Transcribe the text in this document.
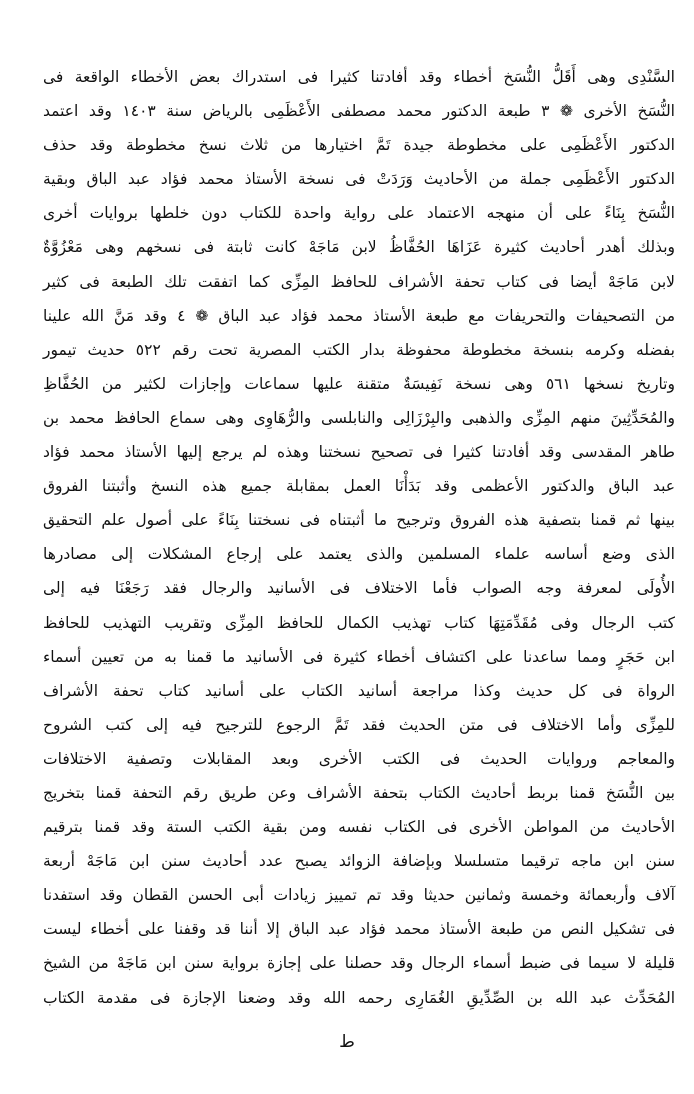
السَّنْدِى وهى أَقَلُّ النُّسَخ أخطاء وقد أفادتنا كثيرا فى استدراك بعض الأخطاء الواقعة فى
النُّسَخ الأخرى ❁ ٣ طبعة الدكتور محمد مصطفى الأَعْظَمِى بالرياض سنة ١٤٠٣ وقد اعتمد
الدكتور الأَعْظَمِى على مخطوطة جيدة تَمَّ اختيارها من ثلاث نسخ مخطوطة وقد حذف
الدكتور الأَعْظَمِى جملة من الأحاديث وَرَدَتْ فى نسخة الأستاذ محمد فؤاد عبد الباق وبقية
النُّسَخ بِنَاءً على أن منهجه الاعتماد على رواية واحدة للكتاب دون خلطها بروايات أخرى
وبذلك أهدر أحاديث كثيرة عَزَاهَا الحُفَّاظُ لابن مَاجَهْ كانت ثابتة فى نسخهم وهى مَعْزُوَّةٌ
لابن مَاجَهْ أيضا فى كتاب تحفة الأشراف للحافظ المِزِّى كما اتفقت تلك الطبعة فى كثير
من التصحيفات والتحريفات مع طبعة الأستاذ محمد فؤاد عبد الباق ❁ ٤ وقد مَنَّ الله علينا
بفضله وكرمه بنسخة مخطوطة محفوظة بدار الكتب المصرية تحت رقم ٥٢٢ حديث تيمور
وتاريخ نسخها ٥٦١ وهى نسخة نَفِيسَةٌ متقنة عليها سماعات وإجازات لكثير من الحُفَّاظِ
والمُحَدِّثِينَ منهم المِزِّى والذهبى والبِرْزَالِى والنابلسى والرُّهَاوِى وهى سماع الحافظ محمد بن
طاهر المقدسى وقد أفادتنا كثيرا فى تصحيح نسختنا وهذه لم يرجع إليها الأستاذ محمد فؤاد
عبد الباق والدكتور الأعظمى وقد بَدَأْنَا العمل بمقابلة جميع هذه النسخ وأثبتنا الفروق
بينها ثم قمنا بتصفية هذه الفروق وترجيح ما أثبتناه فى نسختنا بِنَاءً على أصول علم التحقيق
الذى وضع أساسه علماء المسلمين والذى يعتمد على إرجاع المشكلات إلى مصادرها
الأُولَى لمعرفة وجه الصواب فأما الاختلاف فى الأسانيد والرجال فقد رَجَعْنَا فيه إلى
كتب الرجال وفى مُقَدِّمَتِهَا كتاب تهذيب الكمال للحافظ المِزِّى وتقريب التهذيب للحافظ
ابن حَجَرٍ ومما ساعدنا على اكتشاف أخطاء كثيرة فى الأسانيد ما قمنا به من تعيين أسماء
الرواة فى كل حديث وكذا مراجعة أسانيد الكتاب على أسانيد كتاب تحفة الأشراف
للمِزِّى وأما الاختلاف فى متن الحديث فقد تَمَّ الرجوع للترجيح فيه إلى كتب الشروح
والمعاجم وروايات الحديث فى الكتب الأخرى وبعد المقابلات وتصفية الاختلافات
بين النُّسَخ قمنا بربط أحاديث الكتاب بتحفة الأشراف وعن طريق رقم التحفة قمنا بتخريج
الأحاديث من المواطن الأخرى فى الكتاب نفسه ومن بقية الكتب الستة وقد قمنا بترقيم
سنن ابن ماجه ترقيما متسلسلا وبإضافة الزوائد يصبح عدد أحاديث سنن ابن مَاجَهْ أربعة
آلاف وأربعمائة وخمسة وثمانين حديثا وقد تم تمييز زيادات أبى الحسن القطان وقد استفدنا
فى تشكيل النص من طبعة الأستاذ محمد فؤاد عبد الباق إلا أننا قد وقفنا على أخطاء ليست
قليلة لا سيما فى ضبط أسماء الرجال وقد حصلنا على إجازة برواية سنن ابن مَاجَهْ من الشيخ
المُحَدِّث عبد الله بن الصِّدِّيقِ الغُمَارِى رحمه الله وقد وضعنا الإجازة فى مقدمة الكتاب
ط
